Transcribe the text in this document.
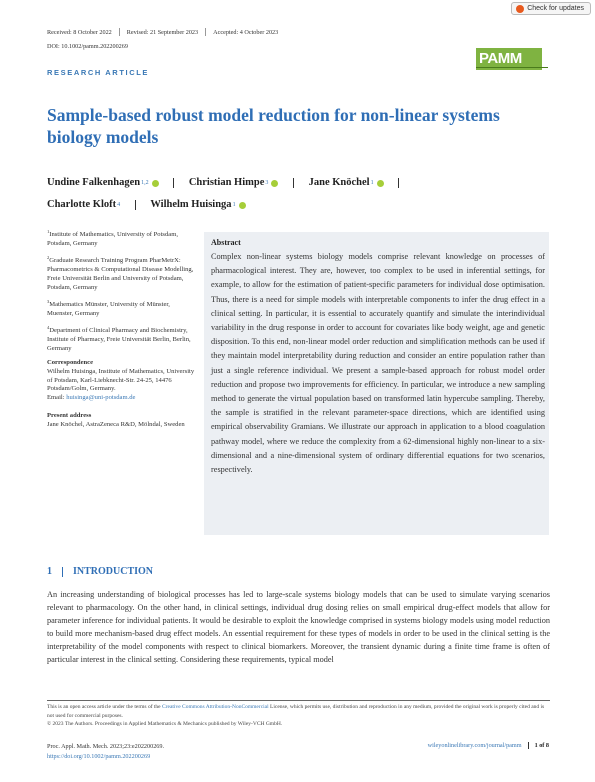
Check for updates
Received: 8 October 2022 Revised: 21 September 2023 Accepted: 4 October 2023
DOI: 10.1002/pamm.202200269
PAMM
RESEARCH ARTICLE
Sample-based robust model reduction for non-linear systems biology models
Undine Falkenhagen 1,2
	Christian Himpe 3
	Jane Knöchel 1

Charlotte Kloft 4
	Wilhelm Huisinga 1
$^1$Institute of Mathematics, University of Potsdam, Potsdam, Germany
$^2$Graduate Research Training Program PharMetrX: Pharmacometrics & Computational Disease Modelling, Freie Universität Berlin and University of Potsdam, Potsdam, Germany
$^3$Mathematics Münster, University of Münster, Muenster, Germany
$^4$Department of Clinical Pharmacy and Biochemistry, Institute of Pharmacy, Freie Universität Berlin, Berlin, Germany
Correspondence
Wilhelm Huisinga, Institute of Mathematics, University of Potsdam, Karl-Liebknecht-Str. 24-25, 14476 Potsdam/Golm, Germany.
Email: huisinga@uni-potsdam.de
Present address
Jane Knöchel, AstraZeneca R&D, Mölndal, Sweden
Abstract
Complex non-linear systems biology models comprise relevant knowledge on processes of pharmacological interest. They are, however, too complex to be used in inferential settings, for example, to allow for the estimation of patient-specific parameters for individual dose optimisation. Thus, there is a need for simple models with interpretable components to infer the drug effect in a clinical setting. In particular, it is essential to accurately quantify and simulate the interindividual variability in the drug response in order to account for covariates like body weight, age and genetic disposition. To this end, non-linear model order reduction and simplification methods can be used if they maintain model interpretability during reduction and consider an entire population rather than just a single reference individual. We present a sample-based approach for robust model order reduction and propose two improvements for efficiency. In particular, we introduce a new sampling method to generate the virtual population based on transformed latin hypercube sampling. Thereby, the sample is stratified in the relevant parameter-space directions, which are identified using empirical observability Gramians. We illustrate our approach in application to a blood coagulation pathway model, where we reduce the complexity from a 62-dimensional highly non-linear to a six-dimensional and a nine-dimensional system of ordinary differential equations for two scenarios, respectively.
1 INTRODUCTION
An increasing understanding of biological processes has led to large-scale systems biology models that can be used to simulate varying scenarios relevant to pharmacology. On the other hand, in clinical settings, individual drug dosing relies on small empirical drug-effect models that allow for parameter inference for individual patients. It would be desirable to exploit the knowledge comprised in systems biology models using model reduction to build more mechanism-based drug effect models. An essential requirement for these types of models in order to be used in the clinical setting is the interpretability of the model components with respect to clinical biomarkers. Moreover, the transient dynamic during a finite time frame is often of particular interest in the clinical setting. Considering these requirements, typical model
This is an open access article under the terms of the Creative Commons Attribution-NonCommercial License, which permits use, distribution and reproduction in any medium, provided the original work is properly cited and is not used for commercial purposes.
© 2023 The Authors. Proceedings in Applied Mathematics & Mechanics published by Wiley-VCH GmbH.
Proc. Appl. Math. Mech. 2023;23:e202200269.
https://doi.org/10.1002/pamm.202200269
wileyonlinelibrary.com/journal/pamm 1 of 8
